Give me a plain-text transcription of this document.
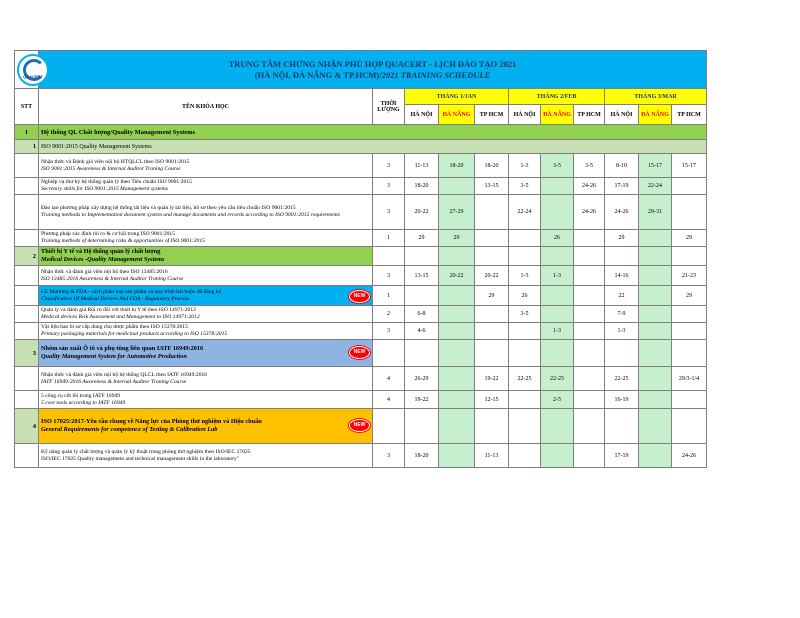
QUACERT	TRUNG TÂM CHỨNG NHẬN PHÙ HỢP QUACERT - LỊCH ĐÀO TẠO 2021
(HÀ NỘI, ĐÀ NẴNG & TP.HCM)/2021 TRAINING SCHEDULE										

STT	TÊN KHÓA HỌC	THỜI LƯỢNG	THÁNG 1/JAN			THÁNG 2/FEB			THÁNG 3/MAR		
			HÀ NỘI	ĐÀ NẴNG	TP HCM	HÀ NỘI	ĐÀ NẴNG	TP HCM	HÀ NỘI	ĐÀ NẴNG	TP HCM
I	Hệ thống QL Chất lượng/Quality Management Systems										
1	ISO 9001:2015 Quality Management Systems										

	Nhận thức và Đánh giá viên nội bộ HTQLCL theo ISO 9001:2015
ISO 9001:2015 Awareness & Internal Auditor Traning Course	3	11-13	18-20	18-20	1-3	3-5	3-5	8-10	15-17	15-17

	Nghiệp vụ thư ký hệ thống quản lý theo Tiêu chuẩn ISO 9001:2015
Secretary skills for ISO 9001:2015 Management systems	3	18-20		13-15	3-5		24-26	17-19	22-24	

	Đào tạo phương pháp xây dựng hệ thống tài liệu và quản lý tài liệu, hồ sơ theo yêu cầu tiêu chuẩn ISO 9001:2015
Training methods to Implementation document system and manage documents and records according to ISO 9001:2015 requirements	3	20-22	27-29		22-24		24-26	24-26	29-31	

	Phương pháp xác định rủi ro & cơ hội trong ISO 9001:2015
Training methods of determining risks & opportunities of ISO 9001:2015	1	29	29			26		29		29
2	Thiết bị Y tế và Hệ thống quản lý chất lượng
Medical Devices -Quality Management Systems										

	Nhận thức và đánh giá viên nội bộ theo ISO 13485:2016
ISO 13485:2016 Awareness & Internal Auditor Traning Course	3	13-15	20-22	20-22	1-3	1-3		14-16		21-23

	NEW
CE Marking & FDA - cách phân loại sản phẩm và quy trình bắt buộc để đăng ký
Classification Of Medical Devices And FDA - Regulatory Process	1			29	26			22		29

	Quản lý và đánh giá Rủi ro đối với thiết bị Y tế theo ISO 14971:2012
Medical devices Risk Assessment and Management to ISO 14971:2012	2	6-8			3-5			7-9		

	Vật liệu bao bì sơ cấp dùng cho dược phẩm theo ISO 15378:2015
Primary packaging materials for medicinal products according to ISO 15378:2015	3	4-6				1-3		1-3		
3	NEW
Nhóm sản xuất Ô tô và phụ tùng liên quan IATF 16949:2016
Quality Management System for Automotive Production										

	Nhận thức và đánh giá viên nội bộ hệ thống QLCL theo IATF 16949:2016
IATF 16949:2016 Awareness & Internal Auditor Traning Course	4	26-29		19-22	22-25	22-25		22-25		29/3-1/4

	5 công cụ cốt lõi trong IATF 16949
5 core tools according to IATF 16949	4	19-22		12-15		2-5		16-19		
4	NEW
ISO 17025:2017-Yêu cầu chung về Năng lực của Phòng thử nghiệm và Hiệu chuẩn
General Requirements for competence of Testing & Calibration Lab										

	Kỹ năng quản lý chất lượng và quản lý kỹ thuật trong phòng thử nghiệm theo ISO/IEC 17025
ISO/IEC 17025 Quality management and technical management skills in the laboratory"	3	18-20		11-13				17-19		24-26
